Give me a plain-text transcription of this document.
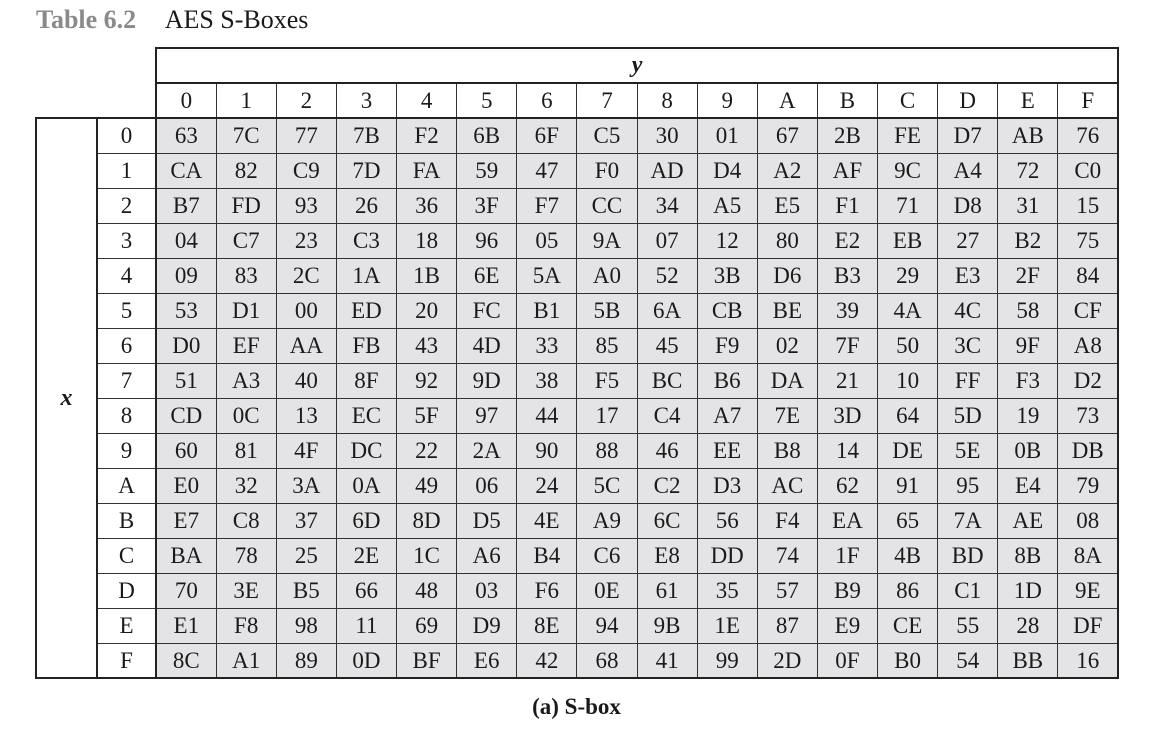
Table 6.2 AES S-Boxes
		y															
		0	1	2	3	4	5	6	7	8	9	A	B	C	D	E	F
x	0	63	7C	77	7B	F2	6B	6F	C5	30	01	67	2B	FE	D7	AB	76
	1	CA	82	C9	7D	FA	59	47	F0	AD	D4	A2	AF	9C	A4	72	C0
	2	B7	FD	93	26	36	3F	F7	CC	34	A5	E5	F1	71	D8	31	15
	3	04	C7	23	C3	18	96	05	9A	07	12	80	E2	EB	27	B2	75
	4	09	83	2C	1A	1B	6E	5A	A0	52	3B	D6	B3	29	E3	2F	84
	5	53	D1	00	ED	20	FC	B1	5B	6A	CB	BE	39	4A	4C	58	CF
	6	D0	EF	AA	FB	43	4D	33	85	45	F9	02	7F	50	3C	9F	A8
	7	51	A3	40	8F	92	9D	38	F5	BC	B6	DA	21	10	FF	F3	D2
	8	CD	0C	13	EC	5F	97	44	17	C4	A7	7E	3D	64	5D	19	73
	9	60	81	4F	DC	22	2A	90	88	46	EE	B8	14	DE	5E	0B	DB
	A	E0	32	3A	0A	49	06	24	5C	C2	D3	AC	62	91	95	E4	79
	B	E7	C8	37	6D	8D	D5	4E	A9	6C	56	F4	EA	65	7A	AE	08
	C	BA	78	25	2E	1C	A6	B4	C6	E8	DD	74	1F	4B	BD	8B	8A
	D	70	3E	B5	66	48	03	F6	0E	61	35	57	B9	86	C1	1D	9E
	E	E1	F8	98	11	69	D9	8E	94	9B	1E	87	E9	CE	55	28	DF
	F	8C	A1	89	0D	BF	E6	42	68	41	99	2D	0F	B0	54	BB	16
(a) S-box
